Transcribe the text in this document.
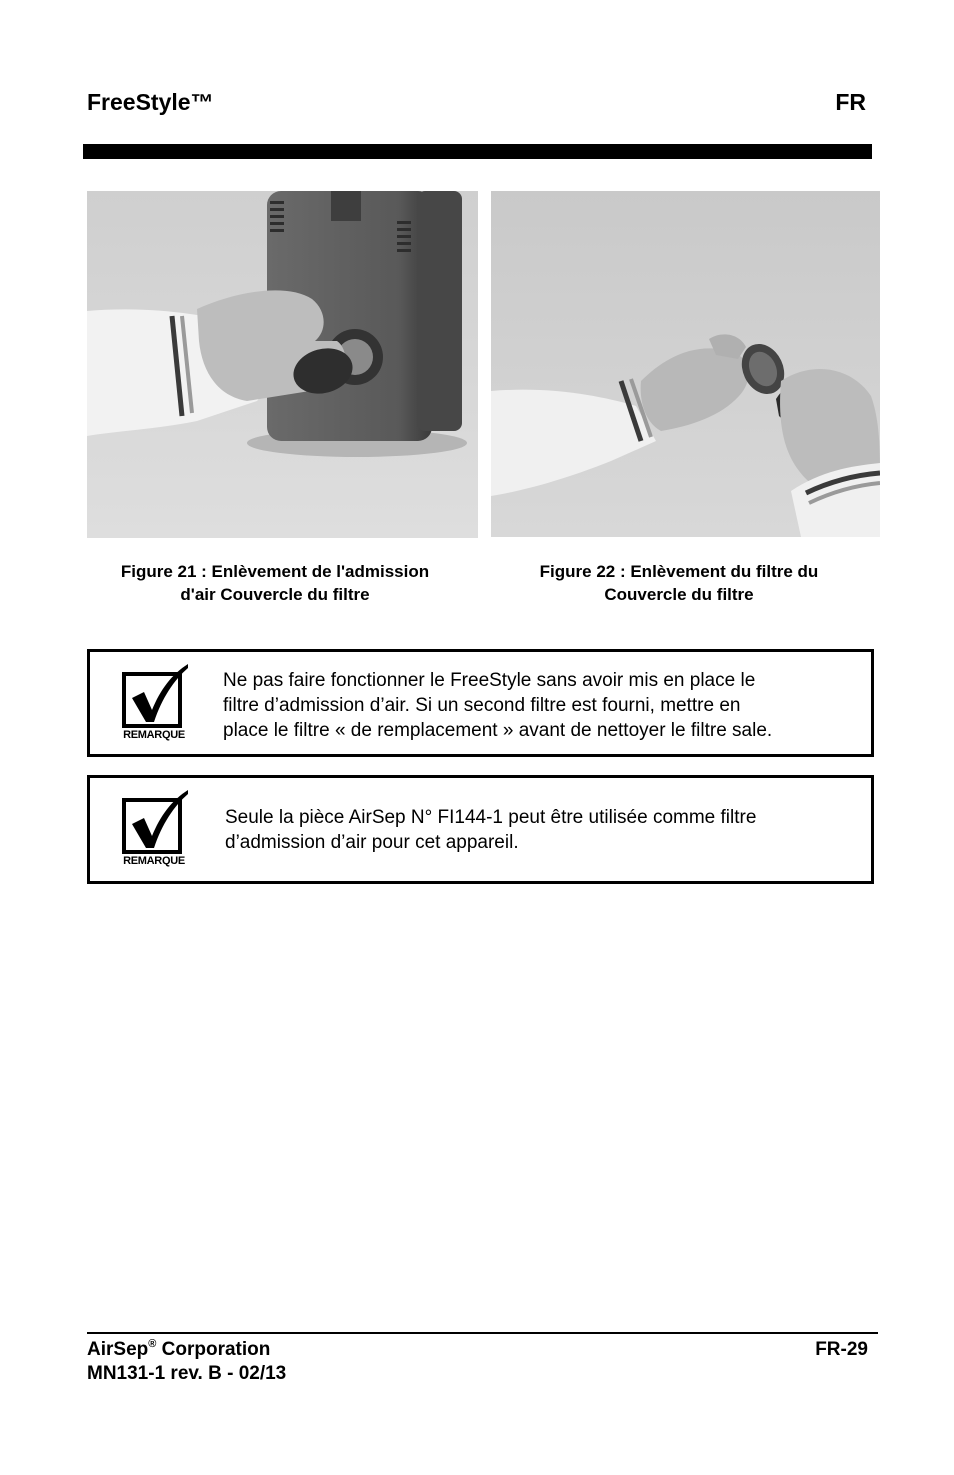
FreeStyle™	FR
Figure 21 : Enlèvement de l'admission
d'air Couvercle du filtre
Figure 22 : Enlèvement du filtre du
Couvercle du filtre
REMARQUE
Ne pas faire fonctionner le FreeStyle sans avoir mis en place le
filtre d’admission d’air. Si un second filtre est fourni, mettre en
place le filtre « de remplacement » avant de nettoyer le filtre sale.
REMARQUE
Seule la pièce AirSep N° FI144-1 peut être utilisée comme filtre
d’admission d’air pour cet appareil.
AirSep® Corporation
MN131-1 rev. B - 02/13
FR-29
